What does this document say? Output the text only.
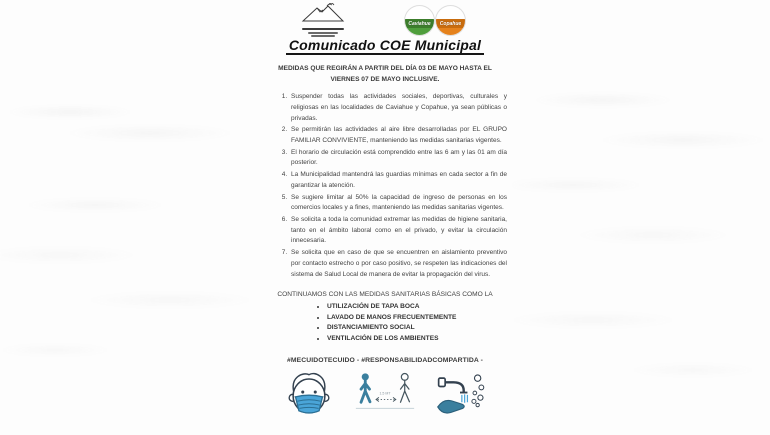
Caviahue	Copahue
Comunicado COE Municipal

MEDIDAS QUE REGIRÁN A PARTIR DEL DÍA 03 DE MAYO HASTA EL VIERNES 07 DE MAYO INCLUSIVE.

1. Suspender todas las actividades sociales, deportivas, culturales y religiosas en las localidades de Caviahue y Copahue, ya sean públicas o privadas.
2. Se permitirán las actividades al aire libre desarrolladas por EL GRUPO FAMILIAR CONVIVIENTE, manteniendo las medidas sanitarias vigentes.
3. El horario de circulación está comprendido entre las 6 am y las 01 am día posterior.
4. La Municipalidad mantendrá las guardias mínimas en cada sector a fin de garantizar la atención.
5. Se sugiere limitar al 50% la capacidad de ingreso de personas en los comercios locales y a fines, manteniendo las medidas sanitarias vigentes.
6. Se solicita a toda la comunidad extremar las medidas de higiene sanitaria, tanto en el ámbito laboral como en el privado, y evitar la circulación innecesaria.
7. Se solicita que en caso de que se encuentren en aislamiento preventivo por contacto estrecho o por caso positivo, se respeten las indicaciones del sistema de Salud Local de manera de evitar la propagación del virus.

CONTINUAMOS CON LAS MEDIDAS SANITARIAS BÁSICAS COMO LA

• UTILIZACIÓN DE TAPA BOCA
• LAVADO DE MANOS FRECUENTEMENTE
• DISTANCIAMIENTO SOCIAL
• VENTILACIÓN DE LOS AMBIENTES

#MECUIDOTECUIDO - #RESPONSABILIDADCOMPARTIDA -

1.5 MT
